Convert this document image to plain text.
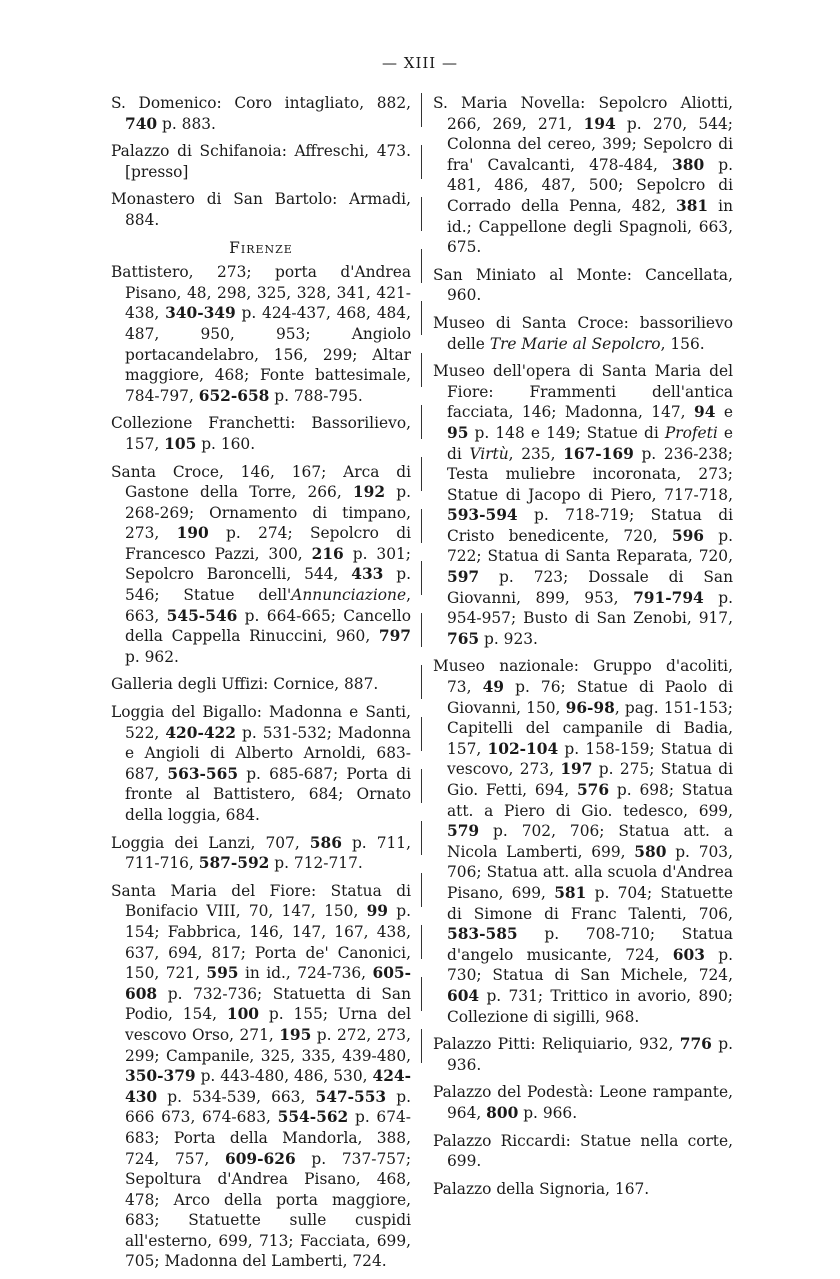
— XIII —

S. Domenico: Coro intagliato, 882, 740 p. 883.

Palazzo di Schifanoia: Affreschi, 473. [presso]

Monastero di San Bartolo: Armadi, 884.

Firenze

Battistero, 273; porta d'Andrea Pisano, 48, 298, 325, 328, 341, 421-438, 340-349 p. 424-437, 468, 484, 487, 950, 953; Angiolo portacandelabro, 156, 299; Altar maggiore, 468; Fonte battesimale, 784-797, 652-658 p. 788-795.

Collezione Franchetti: Bassorilievo, 157, 105 p. 160.

Santa Croce, 146, 167; Arca di Gastone della Torre, 266, 192 p. 268-269; Ornamento di timpano, 273, 190 p. 274; Sepolcro di Francesco Pazzi, 300, 216 p. 301; Sepolcro Baroncelli, 544, 433 p. 546; Statue dell'Annunciazione, 663, 545-546 p. 664-665; Cancello della Cappella Rinuccini, 960, 797 p. 962.

Galleria degli Uffizi: Cornice, 887.

Loggia del Bigallo: Madonna e Santi, 522, 420-422 p. 531-532; Madonna e Angioli di Alberto Arnoldi, 683-687, 563-565 p. 685-687; Porta di fronte al Battistero, 684; Ornato della loggia, 684.

Loggia dei Lanzi, 707, 586 p. 711, 711-716, 587-592 p. 712-717.

Santa Maria del Fiore: Statua di Bonifacio VIII, 70, 147, 150, 99 p. 154; Fabbrica, 146, 147, 167, 438, 637, 694, 817; Porta de' Canonici, 150, 721, 595 in id., 724-736, 605-608 p. 732-736; Statuetta di San Podio, 154, 100 p. 155; Urna del vescovo Orso, 271, 195 p. 272, 273, 299; Campanile, 325, 335, 439-480, 350-379 p. 443-480, 486, 530, 424-430 p. 534-539, 663, 547-553 p. 666 673, 674-683, 554-562 p. 674-683; Porta della Mandorla, 388, 724, 757, 609-626 p. 737-757; Sepoltura d'Andrea Pisano, 468, 478; Arco della porta maggiore, 683; Statuette sulle cuspidi all'esterno, 699, 713; Facciata, 699, 705; Madonna del Lamberti, 724.

S. Maria Novella: Sepolcro Aliotti, 266, 269, 271, 194 p. 270, 544; Colonna del cereo, 399; Sepolcro di fra' Cavalcanti, 478-484, 380 p. 481, 486, 487, 500; Sepolcro di Corrado della Penna, 482, 381 in id.; Cappellone degli Spagnoli, 663, 675.

San Miniato al Monte: Cancellata, 960.

Museo di Santa Croce: bassorilievo delle Tre Marie al Sepolcro, 156.

Museo dell'opera di Santa Maria del Fiore: Frammenti dell'antica facciata, 146; Madonna, 147, 94 e 95 p. 148 e 149; Statue di Profeti e di Virtù, 235, 167-169 p. 236-238; Testa muliebre incoronata, 273; Statue di Jacopo di Piero, 717-718, 593-594 p. 718-719; Statua di Cristo benedicente, 720, 596 p. 722; Statua di Santa Reparata, 720, 597 p. 723; Dossale di San Giovanni, 899, 953, 791-794 p. 954-957; Busto di San Zenobi, 917, 765 p. 923.

Museo nazionale: Gruppo d'acoliti, 73, 49 p. 76; Statue di Paolo di Giovanni, 150, 96-98, pag. 151-153; Capitelli del campanile di Badia, 157, 102-104 p. 158-159; Statua di vescovo, 273, 197 p. 275; Statua di Gio. Fetti, 694, 576 p. 698; Statua att. a Piero di Gio. tedesco, 699, 579 p. 702, 706; Statua att. a Nicola Lamberti, 699, 580 p. 703, 706; Statua att. alla scuola d'Andrea Pisano, 699, 581 p. 704; Statuette di Simone di Franc Talenti, 706, 583-585 p. 708-710; Statua d'angelo musicante, 724, 603 p. 730; Statua di San Michele, 724, 604 p. 731; Trittico in avorio, 890; Collezione di sigilli, 968.

Palazzo Pitti: Reliquiario, 932, 776 p. 936.

Palazzo del Podestà: Leone rampante, 964, 800 p. 966.

Palazzo Riccardi: Statue nella corte, 699.

Palazzo della Signoria, 167.
